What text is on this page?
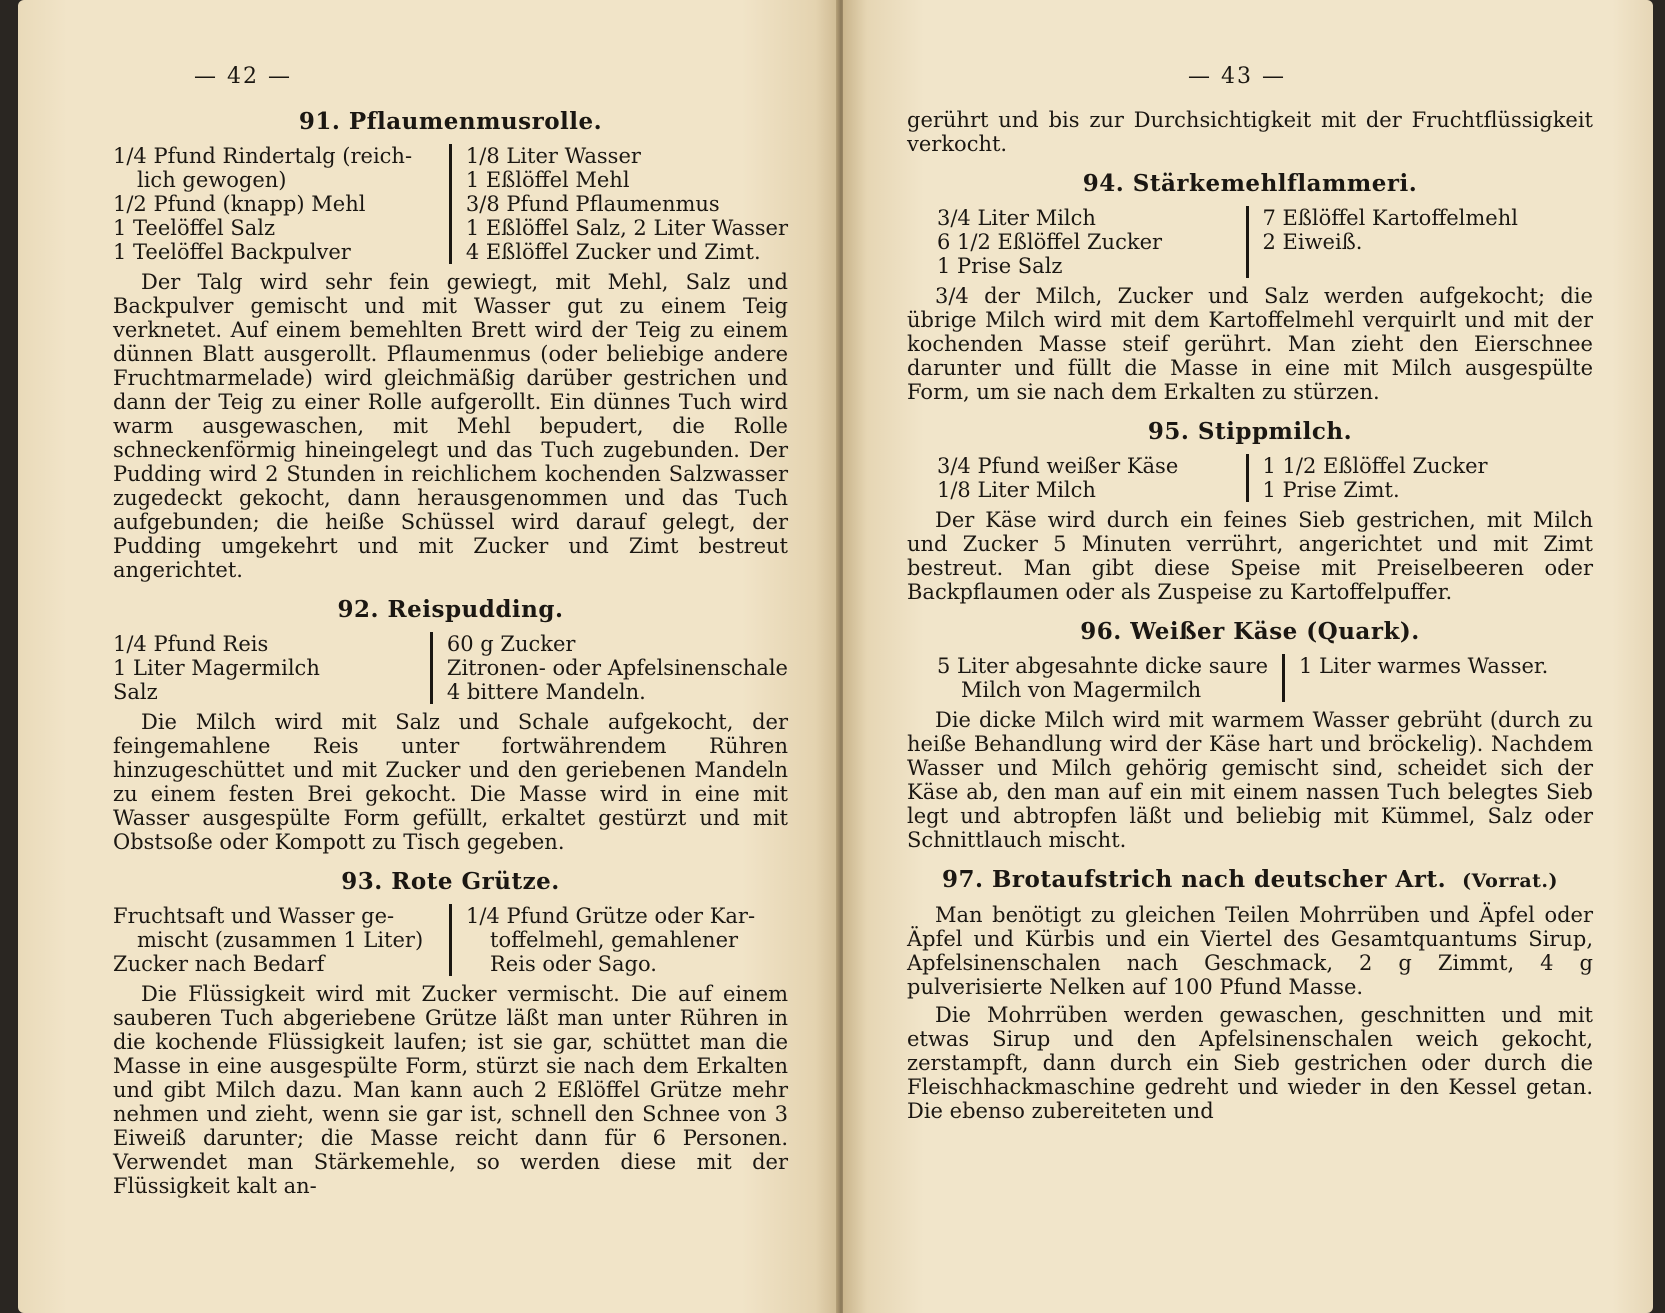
— 42 —
91. Pflaumenmusrolle.
1/4 Pfund Rindertalg (reich-
lich gewogen)
1/2 Pfund (knapp) Mehl
1 Teelöffel Salz
1 Teelöffel Backpulver
1/8 Liter Wasser
1 Eßlöffel Mehl
3/8 Pfund Pflaumenmus
1 Eßlöffel Salz, 2 Liter Wasser
4 Eßlöffel Zucker und Zimt.
Der Talg wird sehr fein gewiegt, mit Mehl, Salz und Backpulver gemischt und mit Wasser gut zu einem Teig verknetet. Auf einem bemehlten Brett wird der Teig zu einem dünnen Blatt ausgerollt. Pflaumenmus (oder beliebige andere Fruchtmarmelade) wird gleichmäßig darüber gestrichen und dann der Teig zu einer Rolle aufgerollt. Ein dünnes Tuch wird warm ausgewaschen, mit Mehl bepudert, die Rolle schneckenförmig hineingelegt und das Tuch zugebunden. Der Pudding wird 2 Stunden in reichlichem kochenden Salzwasser zugedeckt gekocht, dann herausgenommen und das Tuch aufgebunden; die heiße Schüssel wird darauf gelegt, der Pudding umgekehrt und mit Zucker und Zimt bestreut angerichtet.
92. Reispudding.
1/4 Pfund Reis
1 Liter Magermilch
Salz
60 g Zucker
Zitronen- oder Apfelsinenschale
4 bittere Mandeln.
Die Milch wird mit Salz und Schale aufgekocht, der feingemahlene Reis unter fortwährendem Rühren hinzugeschüttet und mit Zucker und den geriebenen Mandeln zu einem festen Brei gekocht. Die Masse wird in eine mit Wasser ausgespülte Form gefüllt, erkaltet gestürzt und mit Obstsoße oder Kompott zu Tisch gegeben.
93. Rote Grütze.
Fruchtsaft und Wasser ge-
mischt (zusammen 1 Liter)
Zucker nach Bedarf
1/4 Pfund Grütze oder Kar-
toffelmehl, gemahlener
Reis oder Sago.
Die Flüssigkeit wird mit Zucker vermischt. Die auf einem sauberen Tuch abgeriebene Grütze läßt man unter Rühren in die kochende Flüssigkeit laufen; ist sie gar, schüttet man die Masse in eine ausgespülte Form, stürzt sie nach dem Erkalten und gibt Milch dazu. Man kann auch 2 Eßlöffel Grütze mehr nehmen und zieht, wenn sie gar ist, schnell den Schnee von 3 Eiweiß darunter; die Masse reicht dann für 6 Personen. Verwendet man Stärkemehle, so werden diese mit der Flüssigkeit kalt an-
— 43 —
gerührt und bis zur Durchsichtigkeit mit der Fruchtflüssigkeit verkocht.
94. Stärkemehlflammeri.
3/4 Liter Milch
6 1/2 Eßlöffel Zucker
1 Prise Salz
7 Eßlöffel Kartoffelmehl
2 Eiweiß.
3/4 der Milch, Zucker und Salz werden aufgekocht; die übrige Milch wird mit dem Kartoffelmehl verquirlt und mit der kochenden Masse steif gerührt. Man zieht den Eierschnee darunter und füllt die Masse in eine mit Milch ausgespülte Form, um sie nach dem Erkalten zu stürzen.
95. Stippmilch.
3/4 Pfund weißer Käse
1/8 Liter Milch
1 1/2 Eßlöffel Zucker
1 Prise Zimt.
Der Käse wird durch ein feines Sieb gestrichen, mit Milch und Zucker 5 Minuten verrührt, angerichtet und mit Zimt bestreut. Man gibt diese Speise mit Preiselbeeren oder Backpflaumen oder als Zuspeise zu Kartoffelpuffer.
96. Weißer Käse (Quark).
5 Liter abgesahnte dicke saure
Milch von Magermilch
1 Liter warmes Wasser.
Die dicke Milch wird mit warmem Wasser gebrüht (durch zu heiße Behandlung wird der Käse hart und bröckelig). Nachdem Wasser und Milch gehörig gemischt sind, scheidet sich der Käse ab, den man auf ein mit einem nassen Tuch belegtes Sieb legt und abtropfen läßt und beliebig mit Kümmel, Salz oder Schnittlauch mischt.
97. Brotaufstrich nach deutscher Art. (Vorrat.)
Man benötigt zu gleichen Teilen Mohrrüben und Äpfel oder Äpfel und Kürbis und ein Viertel des Gesamtquantums Sirup, Apfelsinenschalen nach Geschmack, 2 g Zimmt, 4 g pulverisierte Nelken auf 100 Pfund Masse.
Die Mohrrüben werden gewaschen, geschnitten und mit etwas Sirup und den Apfelsinenschalen weich gekocht, zerstampft, dann durch ein Sieb gestrichen oder durch die Fleischhackmaschine gedreht und wieder in den Kessel getan. Die ebenso zubereiteten und
